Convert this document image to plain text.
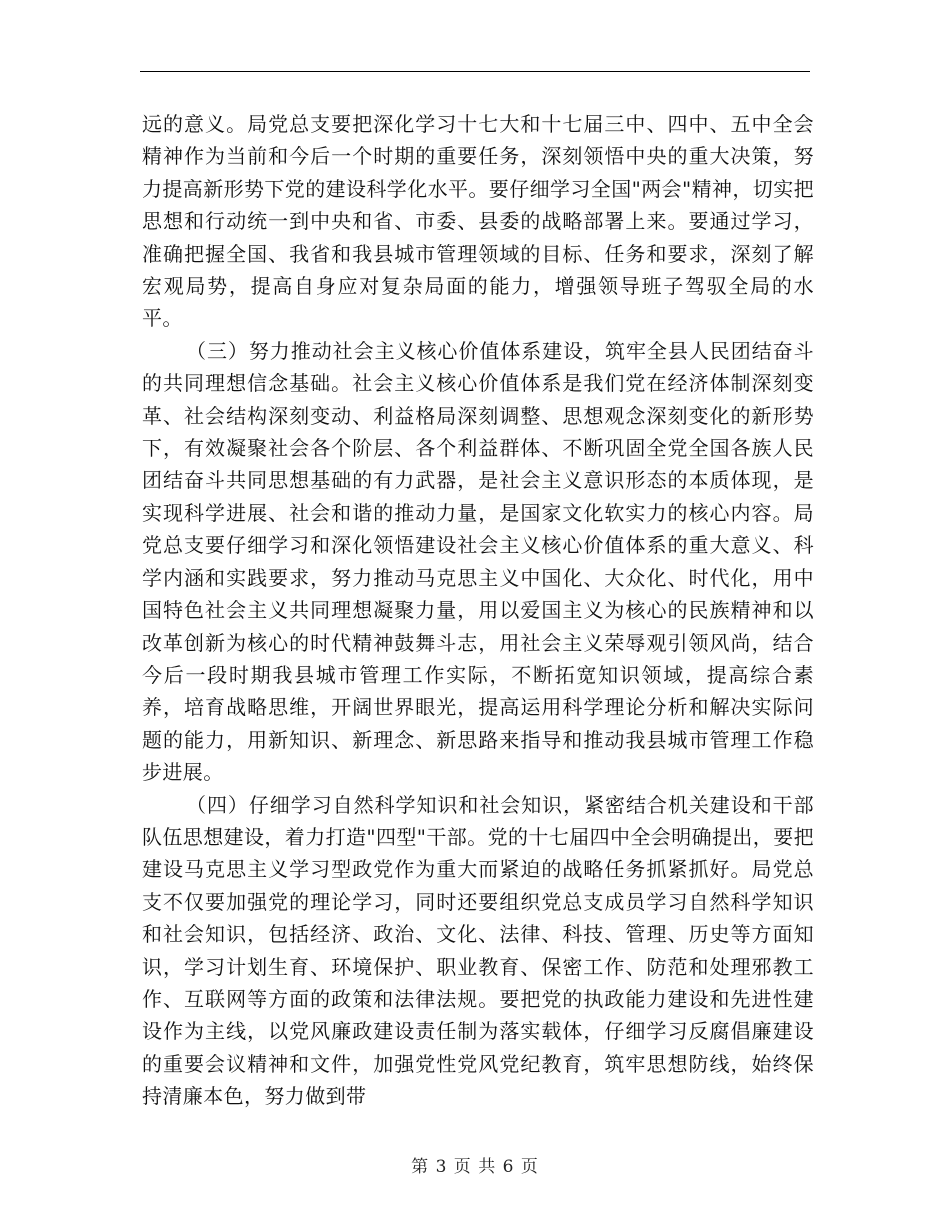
远的意义。局党总支要把深化学习十七大和十七届三中、四中、五中全会精神作为当前和今后一个时期的重要任务，深刻领悟中央的重大决策，努力提高新形势下党的建设科学化水平。要仔细学习全国"两会"精神，切实把思想和行动统一到中央和省、市委、县委的战略部署上来。要通过学习，准确把握全国、我省和我县城市管理领域的目标、任务和要求，深刻了解宏观局势，提高自身应对复杂局面的能力，增强领导班子驾驭全局的水平。

（三）努力推动社会主义核心价值体系建设，筑牢全县人民团结奋斗的共同理想信念基础。社会主义核心价值体系是我们党在经济体制深刻变革、社会结构深刻变动、利益格局深刻调整、思想观念深刻变化的新形势下，有效凝聚社会各个阶层、各个利益群体、不断巩固全党全国各族人民团结奋斗共同思想基础的有力武器，是社会主义意识形态的本质体现，是实现科学进展、社会和谐的推动力量，是国家文化软实力的核心内容。局党总支要仔细学习和深化领悟建设社会主义核心价值体系的重大意义、科学内涵和实践要求，努力推动马克思主义中国化、大众化、时代化，用中国特色社会主义共同理想凝聚力量，用以爱国主义为核心的民族精神和以改革创新为核心的时代精神鼓舞斗志，用社会主义荣辱观引领风尚，结合今后一段时期我县城市管理工作实际，不断拓宽知识领域，提高综合素养，培育战略思维，开阔世界眼光，提高运用科学理论分析和解决实际问题的能力，用新知识、新理念、新思路来指导和推动我县城市管理工作稳步进展。

（四）仔细学习自然科学知识和社会知识，紧密结合机关建设和干部队伍思想建设，着力打造"四型"干部。党的十七届四中全会明确提出，要把建设马克思主义学习型政党作为重大而紧迫的战略任务抓紧抓好。局党总支不仅要加强党的理论学习，同时还要组织党总支成员学习自然科学知识和社会知识，包括经济、政治、文化、法律、科技、管理、历史等方面知识，学习计划生育、环境保护、职业教育、保密工作、防范和处理邪教工作、互联网等方面的政策和法律法规。要把党的执政能力建设和先进性建设作为主线，以党风廉政建设责任制为落实载体，仔细学习反腐倡廉建设的重要会议精神和文件，加强党性党风党纪教育，筑牢思想防线，始终保持清廉本色，努力做到带

第 3 页 共 6 页
